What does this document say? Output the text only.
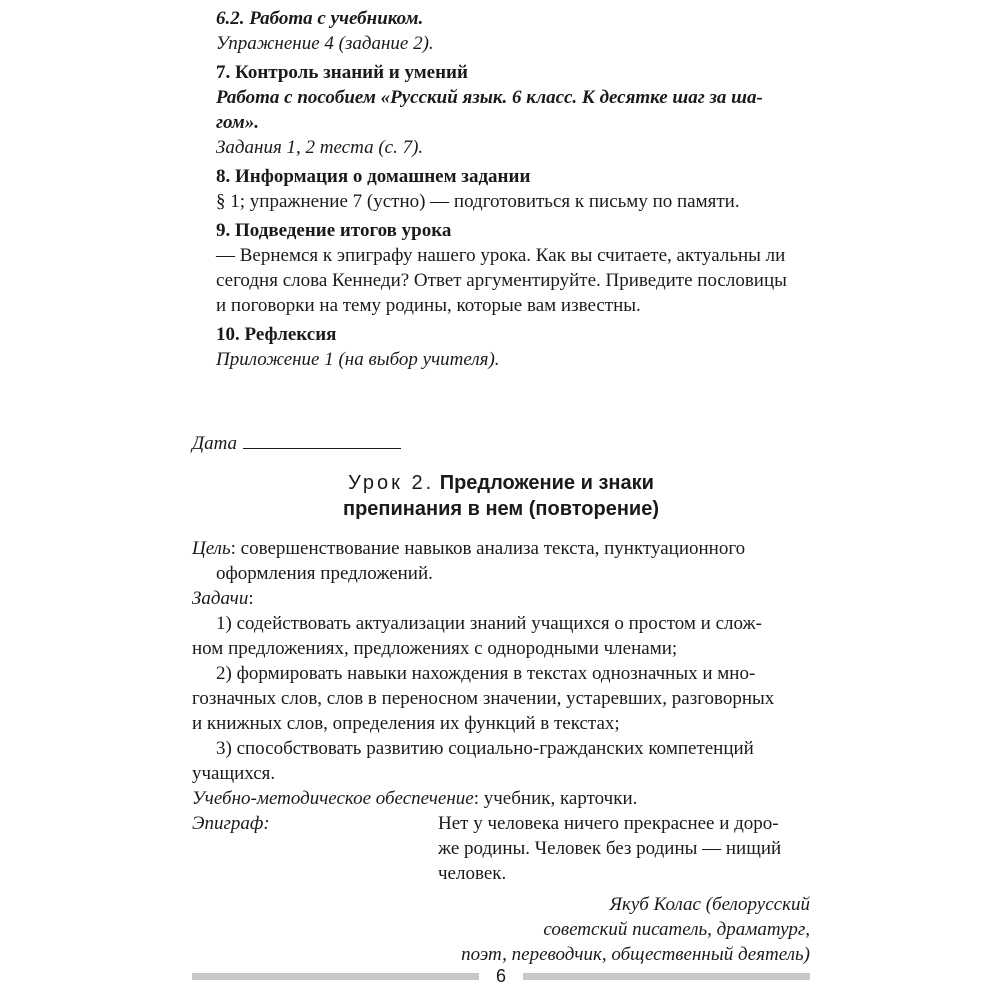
6.2. Работа с учебником.

Упражнение 4 (задание 2).

7. Контроль знаний и умений

Работа с пособием «Русский язык. 6 класс. К десятке шаг за ша-

гом».

Задания 1, 2 теста (с. 7).

8. Информация о домашнем задании

§ 1; упражнение 7 (устно) — подготовиться к письму по памяти.

9. Подведение итогов урока

— Вернемся к эпиграфу нашего урока. Как вы считаете, актуальны ли

сегодня слова Кеннеди? Ответ аргументируйте. Приведите пословицы

и поговорки на тему родины, которые вам известны.

10. Рефлексия

Приложение 1 (на выбор учителя).

Дата

Урок 2. Предложение и знаки
препинания в нем (повторение)

Цель: совершенствование навыков анализа текста, пунктуационного

оформления предложений.

Задачи:

1) содействовать актуализации знаний учащихся о простом и слож-

ном предложениях, предложениях с однородными членами;

2) формировать навыки нахождения в текстах однозначных и мно-

гозначных слов, слов в переносном значении, устаревших, разговорных

и книжных слов, определения их функций в текстах;

3) способствовать развитию социально-гражданских компетенций

учащихся.

Учебно-методическое обеспечение: учебник, карточки.

Эпиграф:	Нет у человека ничего прекраснее и доро-

же родины. Человек без родины — нищий

человек.

Якуб Колас (белорусский

советский писатель, драматург,

поэт, переводчик, общественный деятель)

6
